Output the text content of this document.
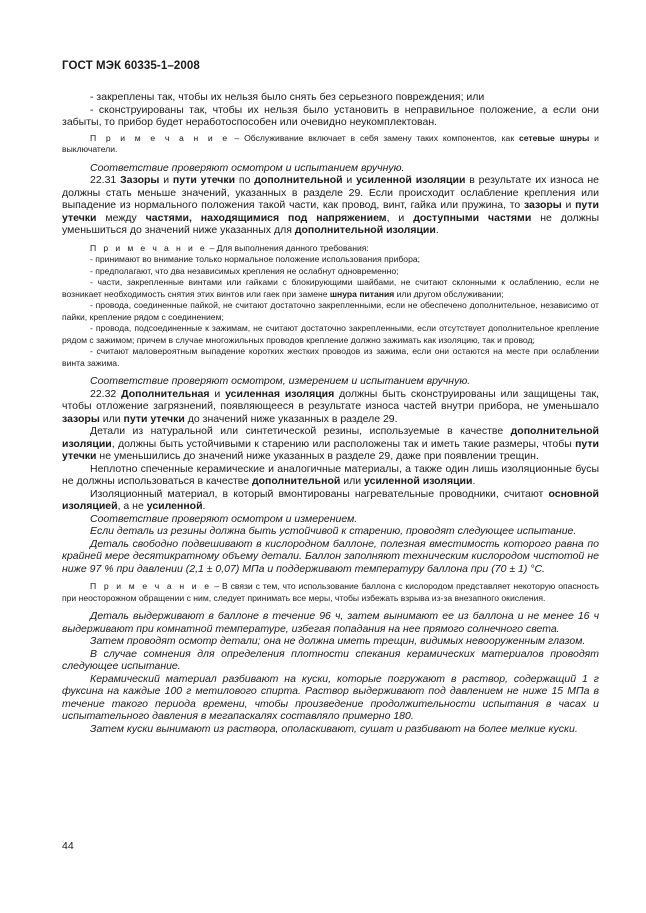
ГОСТ МЭК 60335-1–2008

- закреплены так, чтобы их нельзя было снять без серьезного повреждения; или

- сконструированы так, чтобы их нельзя было установить в неправильное положение, а если они забыты, то прибор будет неработоспособен или очевидно неукомплектован.

П р и м е ч а н и е – Обслуживание включает в себя замену таких компонентов, как сетевые шнуры и выключатели.

Соответствие проверяют осмотром и испытанием вручную.

22.31 Зазоры и пути утечки по дополнительной и усиленной изоляции в результате их износа не должны стать меньше значений, указанных в разделе 29. Если происходит ослабление крепления или выпадение из нормального положения такой части, как провод, винт, гайка или пружина, то зазоры и пути утечки между частями, находящимися под напряжением, и доступными частями не должны уменьшиться до значений ниже указанных для дополнительной изоляции.

П р и м е ч а н и е – Для выполнения данного требования:

- принимают во внимание только нормальное положение использования прибора;

- предполагают, что два независимых крепления не ослабнут одновременно;

- части, закрепленные винтами или гайками с блокирующими шайбами, не считают склонными к ослаблению, если не возникает необходимость снятия этих винтов или гаек при замене шнура питания или другом обслуживании;

- провода, соединенные пайкой, не считают достаточно закрепленными, если не обеспечено дополнительное, независимо от пайки, крепление рядом с соединением;

- провода, подсоединенные к зажимам, не считают достаточно закрепленными, если отсутствует дополнительное крепление рядом с зажимом; причем в случае многожильных проводов крепление должно зажимать как изоляцию, так и провод;

- считают маловероятным выпадение коротких жестких проводов из зажима, если они остаются на месте при ослаблении винта зажима.

Соответствие проверяют осмотром, измерением и испытанием вручную.

22.32 Дополнительная и усиленная изоляция должны быть сконструированы или защищены так, чтобы отложение загрязнений, появляющееся в результате износа частей внутри прибора, не уменьшало зазоры или пути утечки до значений ниже указанных в разделе 29.

Детали из натуральной или синтетической резины, используемые в качестве дополнительной изоляции, должны быть устойчивыми к старению или расположены так и иметь такие размеры, чтобы пути утечки не уменьшились до значений ниже указанных в разделе 29, даже при появлении трещин.

Неплотно спеченные керамические и аналогичные материалы, а также один лишь изоляционные бусы не должны использоваться в качестве дополнительной или усиленной изоляции.

Изоляционный материал, в который вмонтированы нагревательные проводники, считают основной изоляцией, а не усиленной.

Соответствие проверяют осмотром и измерением.

Если деталь из резины должна быть устойчивой к старению, проводят следующее испытание.

Деталь свободно подвешивают в кислородном баллоне, полезная вместимость которого равна по крайней мере десятикратному объему детали. Баллон заполняют техническим кислородом чистотой не ниже 97 % при давлении (2,1 ± 0,07) МПа и поддерживают температуру баллона при (70 ± 1) °С.

П р и м е ч а н и е – В связи с тем, что использование баллона с кислородом представляет некоторую опасность при неосторожном обращении с ним, следует принимать все меры, чтобы избежать взрыва из-за внезапного окисления.

Деталь выдерживают в баллоне в течение 96 ч, затем вынимают ее из баллона и не менее 16 ч выдерживают при комнатной температуре, избегая попадания на нее прямого солнечного света.

Затем проводят осмотр детали; она не должна иметь трещин, видимых невооруженным глазом.

В случае сомнения для определения плотности спекания керамических материалов проводят следующее испытание.

Керамический материал разбивают на куски, которые погружают в раствор, содержащий 1 г фуксина на каждые 100 г метилового спирта. Раствор выдерживают под давлением не ниже 15 МПа в течение такого периода времени, чтобы произведение продолжительности испытания в часах и испытательного давления в мегапаскалях составляло примерно 180.

Затем куски вынимают из раствора, ополаскивают, сушат и разбивают на более мелкие куски.

44
